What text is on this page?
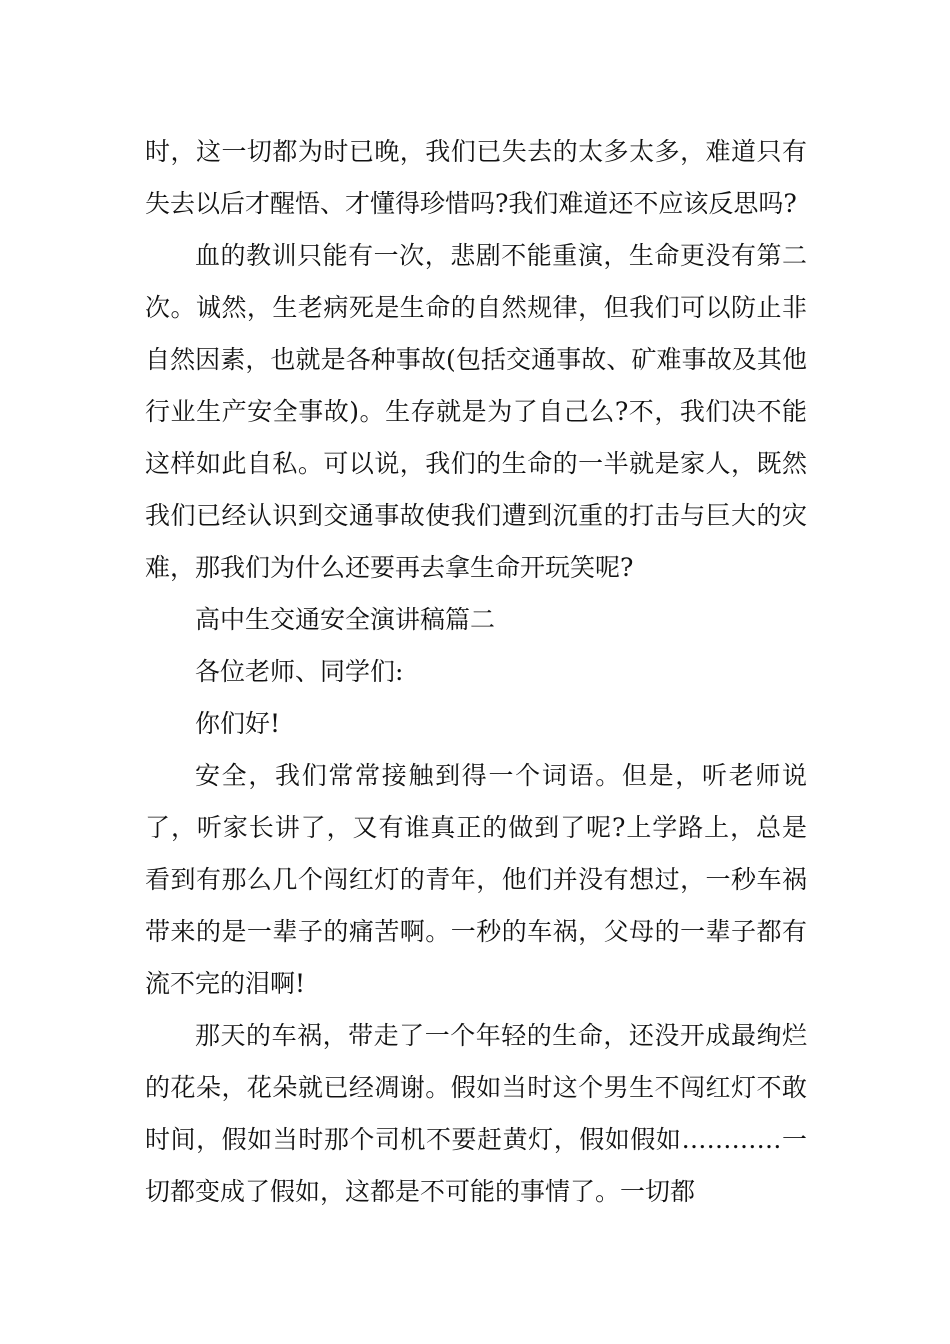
时，这一切都为时已晚，我们已失去的太多太多，难道只有失去以后才醒悟、才懂得珍惜吗?我们难道还不应该反思吗?

血的教训只能有一次，悲剧不能重演，生命更没有第二次。诚然，生老病死是生命的自然规律，但我们可以防止非自然因素，也就是各种事故(包括交通事故、矿难事故及其他行业生产安全事故)。生存就是为了自己么?不，我们决不能这样如此自私。可以说，我们的生命的一半就是家人，既然我们已经认识到交通事故使我们遭到沉重的打击与巨大的灾难，那我们为什么还要再去拿生命开玩笑呢?

高中生交通安全演讲稿篇二

各位老师、同学们:

你们好!

安全，我们常常接触到得一个词语。但是，听老师说了，听家长讲了，又有谁真正的做到了呢?上学路上，总是看到有那么几个闯红灯的青年，他们并没有想过，一秒车祸带来的是一辈子的痛苦啊。一秒的车祸，父母的一辈子都有流不完的泪啊!

那天的车祸，带走了一个年轻的生命，还没开成最绚烂的花朵，花朵就已经凋谢。假如当时这个男生不闯红灯不敢时间，假如当时那个司机不要赶黄灯，假如假如…………一切都变成了假如，这都是不可能的事情了。一切都
